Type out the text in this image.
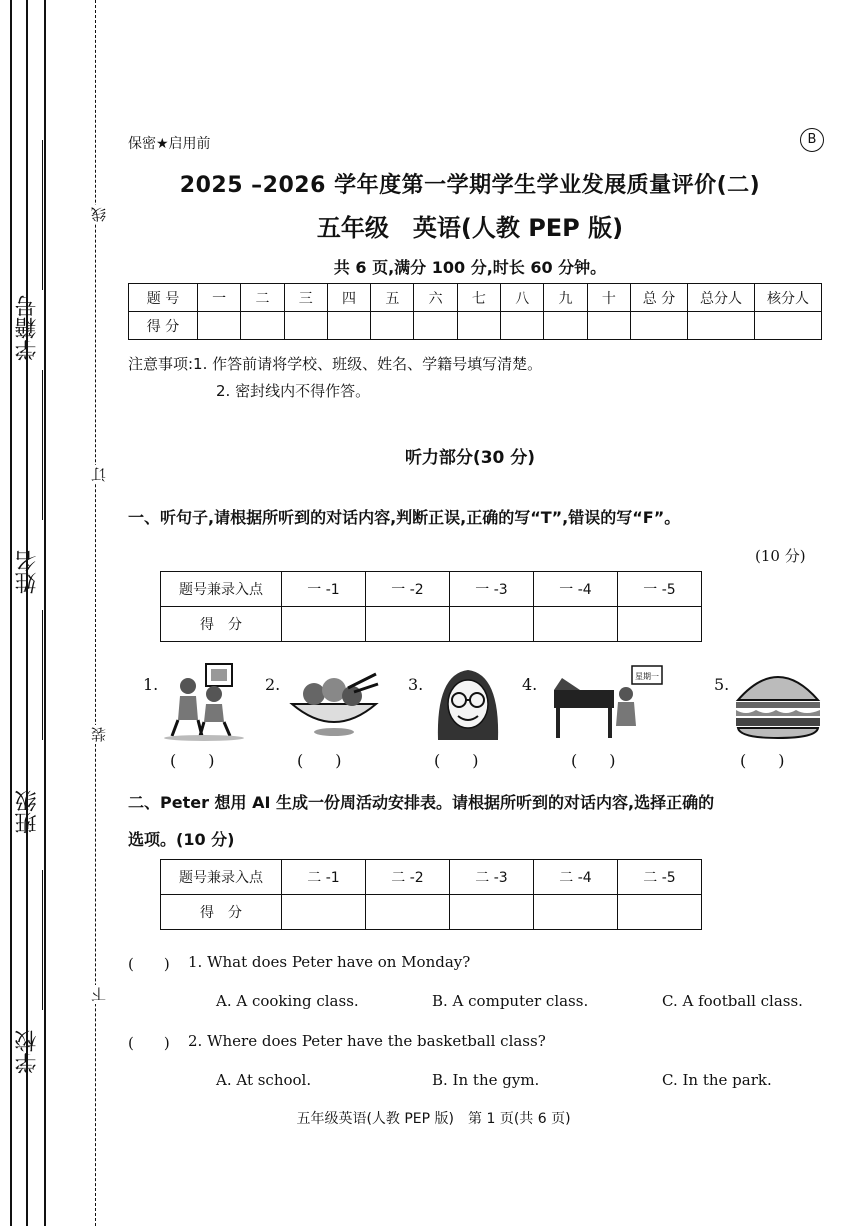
学籍号
姓名
班级
学校
线
订
装
下
保密★启用前	B
2025 –2026 学年度第一学期学生学业发展质量评价(二)
五年级　英语(人教 PEP 版)
共 6 页,满分 100 分,时长 60 分钟。
题 号	一	二	三	四	五	六	七	八	九	十	总 分	总分人	核分人
得 分													
注意事项:1. 作答前请将学校、班级、姓名、学籍号填写清楚。
2. 密封线内不得作答。
听力部分(30 分)
一、听句子,请根据所听到的对话内容,判断正误,正确的写“T”,错误的写“F”。
(10 分)
题号兼录入点	一 -1	一 -2	一 -3	一 -4	一 -5
得　分					
1.	2.	3.	4.	星期一	5.
(　　)	(　　)	(　　)	(　　)	(　　)
二、Peter 想用 AI 生成一份周活动安排表。请根据所听到的对话内容,选择正确的
选项。(10 分)
题号兼录入点	二 -1	二 -2	二 -3	二 -4	二 -5
得　分					
(　　) 1. What does Peter have on Monday?
A. A cooking class.	B. A computer class.	C. A football class.
(　　) 2. Where does Peter have the basketball class?
A. At school.	B. In the gym.	C. In the park.
五年级英语(人教 PEP 版)　第 1 页(共 6 页)
